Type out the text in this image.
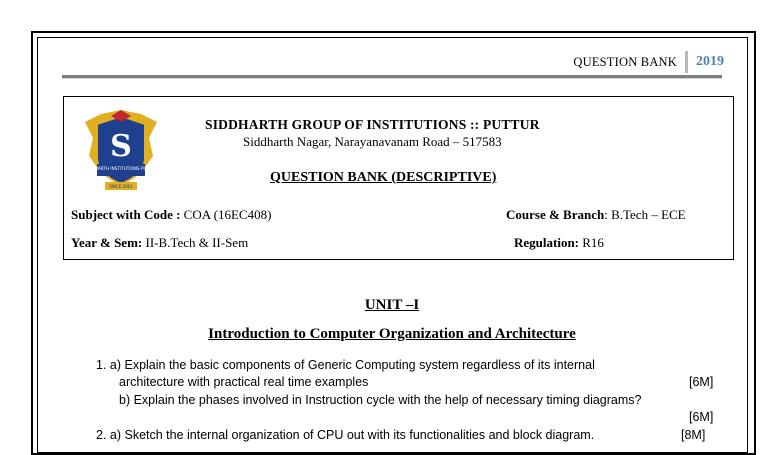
QUESTION BANK	2019
S
SIDDHARTH INSTITUTIONS PUTTUR
SINCE 2001
SIDDHARTH GROUP OF INSTITUTIONS :: PUTTUR
Siddharth Nagar, Narayanavanam Road – 517583
QUESTION BANK (DESCRIPTIVE)
Subject with Code : COA (16EC408)	Course & Branch: B.Tech – ECE
Year & Sem: II-B.Tech & II-Sem	Regulation: R16
UNIT –I
Introduction to Computer Organization and Architecture
1. a) Explain the basic components of Generic Computing system regardless of its internal
architecture with practical real time examples	[6M]
b) Explain the phases involved in Instruction cycle with the help of necessary timing diagrams?
[6M]
2. a) Sketch the internal organization of CPU out with its functionalities and block diagram.	[8M]
